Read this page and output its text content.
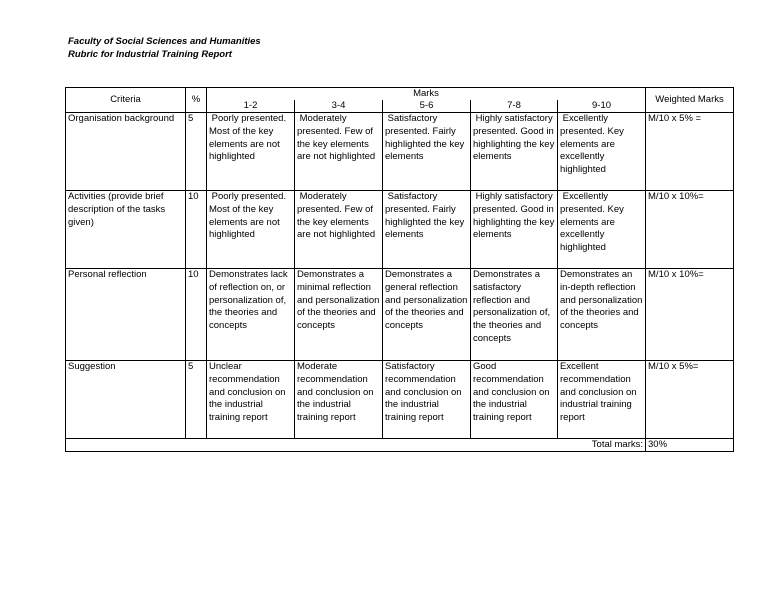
Faculty of Social Sciences and Humanities
Rubric for Industrial Training Report
Criteria	%	Marks					Weighted Marks
		1-2	3-4	5-6	7-8	9-10	
Organisation background	5	Poorly presented. Most of the key elements are not highlighted	Moderately presented. Few of the key elements are not highlighted	Satisfactory presented. Fairly highlighted the key elements	Highly satisfactory presented. Good in highlighting the key elements	Excellently presented. Key elements are excellently highlighted	M/10 x 5% =
Activities (provide brief description of the tasks given)	10	Poorly presented. Most of the key elements are not highlighted	Moderately presented. Few of the key elements are not highlighted	Satisfactory presented. Fairly highlighted the key elements	Highly satisfactory presented. Good in highlighting the key elements	Excellently presented. Key elements are excellently highlighted	M/10 x 10%=
Personal reflection	10	Demonstrates lack of reflection on, or personalization of, the theories and concepts	Demonstrates a minimal reflection and personalization of the theories and concepts	Demonstrates a general reflection and personalization of the theories and concepts	Demonstrates a satisfactory reflection and personalization of, the theories and concepts	Demonstrates an in-depth reflection and personalization of the theories and concepts	M/10 x 10%=
Suggestion	5	Unclear recommendation and conclusion on the industrial training report	Moderate recommendation and conclusion on the industrial training report	Satisfactory recommendation and conclusion on the industrial training report	Good recommendation and conclusion on the industrial training report	Excellent recommendation and conclusion on industrial training report	M/10 x 5%=
Total marks:							30%
